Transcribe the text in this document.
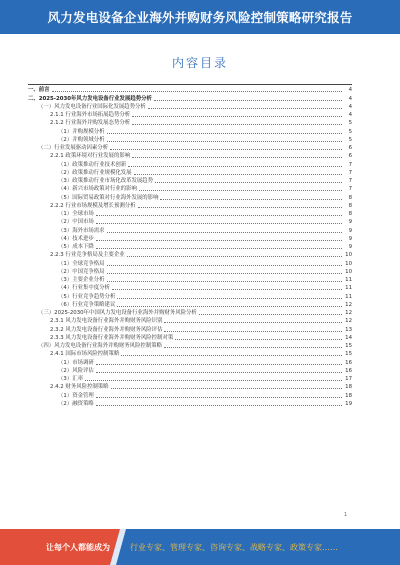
风力发电设备企业海外并购财务风险控制策略研究报告
内容目录
一、前言	4
二、2025-2030年风力发电设备行业发展趋势分析	4
（一）风力发电设备行业国际化发展趋势分析	4
2.1.1 行业海外市场拓展趋势分析	4
2.1.2 行业海外并购发展态势分析	5
（1）并购规模分析	5
（2）并购领域分析	5
（二）行业发展驱动因素分析	6
2.2.1 政策环境对行业发展的影响	6
（1）政策推动行业技术创新	7
（2）政策推动行业规模化发展	7
（3）政策推动行业市场化改革发展趋势	7
（4）新兴市场政策对行业的影响	7
（5）国际贸易政策对行业海外发展的影响	8
2.2.2 行业市场规模及增长预测分析	8
（1）全球市场	8
（2）中国市场	9
（3）海外市场需求	9
（4）技术进步	9
（5）成本下降	9
2.2.3 行业竞争格局及主要企业	10
（1）全球竞争格局	10
（2）中国竞争格局	10
（3）主要企业分析	11
（4）行业集中度分析	11
（5）行业竞争趋势分析	11
（6）行业竞争策略建议	12
（三）2025-2030年中国风力发电设备行业海外并购财务风险分析	12
2.3.1 风力发电设备行业海外并购财务风险识别	12
2.3.2 风力发电设备行业海外并购财务风险评估	13
2.3.3 风力发电设备行业海外并购财务风险控制对策	14
（四）风力发电设备行业海外并购财务风险控制策略	15
2.4.1 国际市场风险控制策略	15
（1）市场调研	16
（2）风险评估	16
（3）汇率	17
2.4.2 财务风险控制策略	18
（1）资金管理	18
（2）融资策略	19
1
让每个人都能成为	行业专家、管理专家、咨询专家、战略专家、政策专家……
